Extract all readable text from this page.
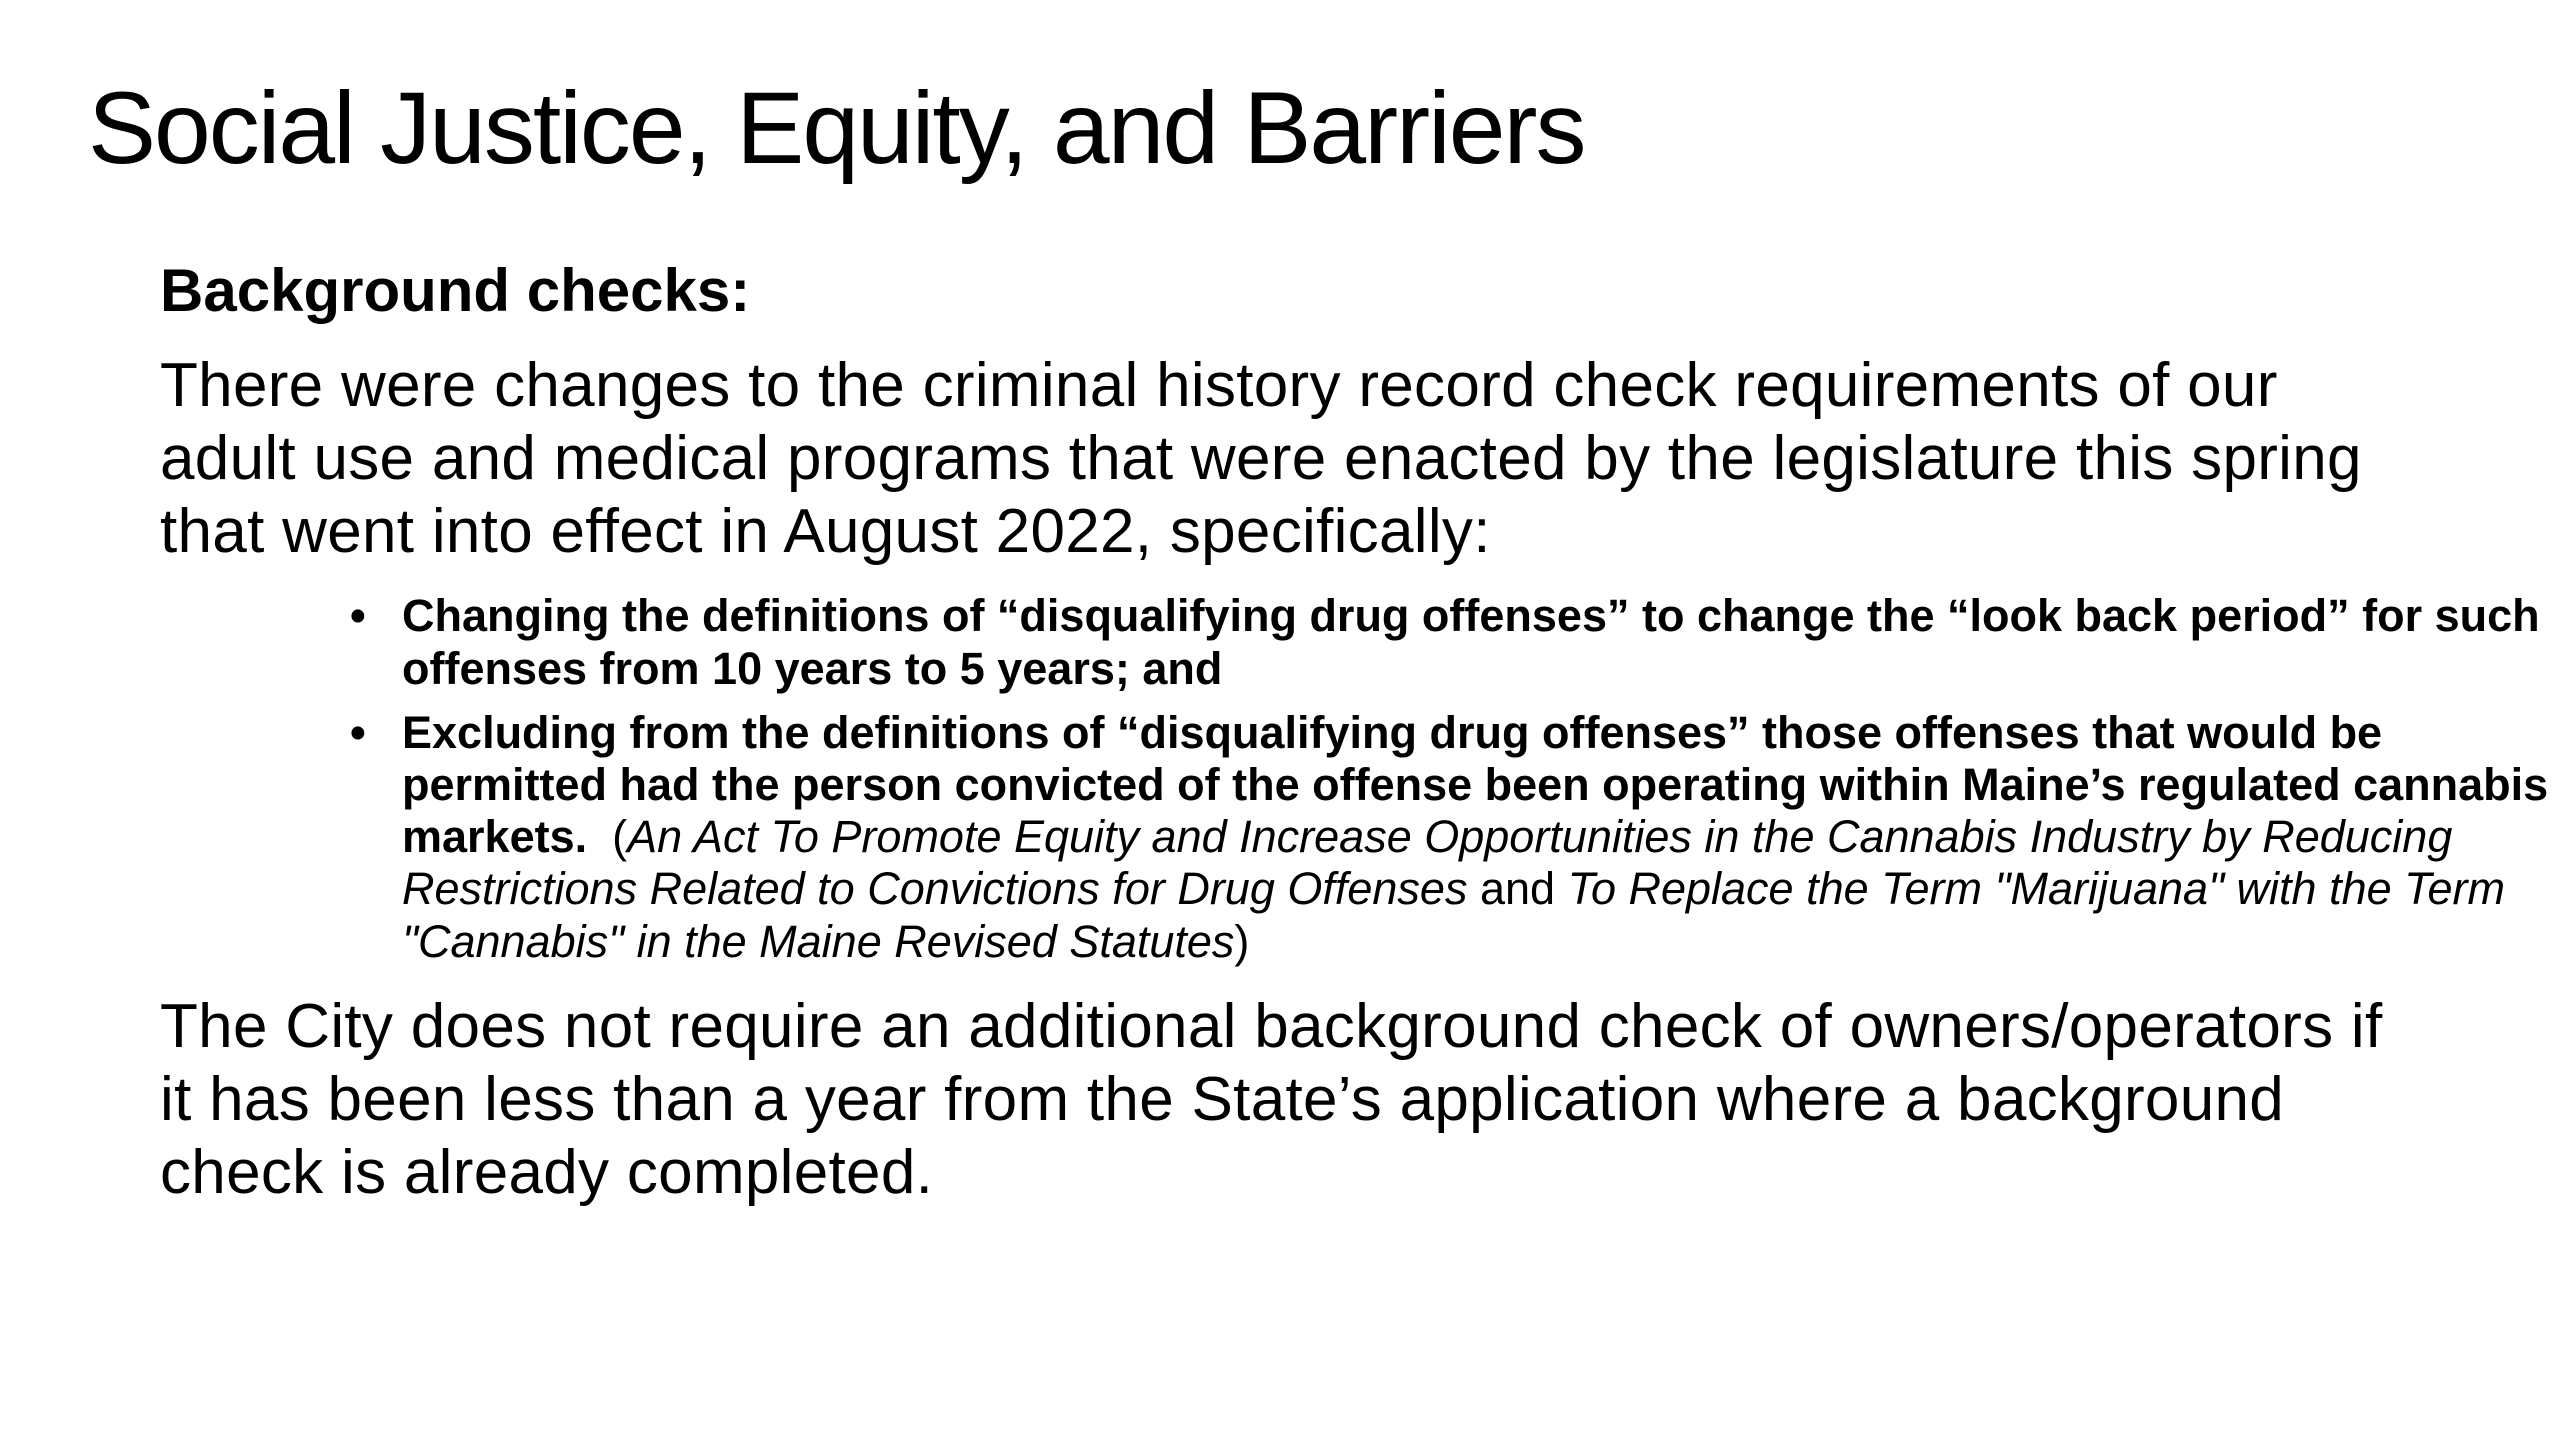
Social Justice, Equity, and Barriers

Background checks:

There were changes to the criminal history record check requirements of our adult use and medical programs that were enacted by the legislature this spring that went into effect in August 2022, specifically:

• Changing the definitions of “disqualifying drug offenses” to change the “look back period” for such offenses from 10 years to 5 years; and
• Excluding from the definitions of “disqualifying drug offenses” those offenses that would be permitted had the person convicted of the offense been operating within Maine’s regulated cannabis markets. (An Act To Promote Equity and Increase Opportunities in the Cannabis Industry by Reducing Restrictions Related to Convictions for Drug Offenses and To Replace the Term "Marijuana" with the Term "Cannabis" in the Maine Revised Statutes)

The City does not require an additional background check of owners/operators if it has been less than a year from the State’s application where a background check is already completed.
